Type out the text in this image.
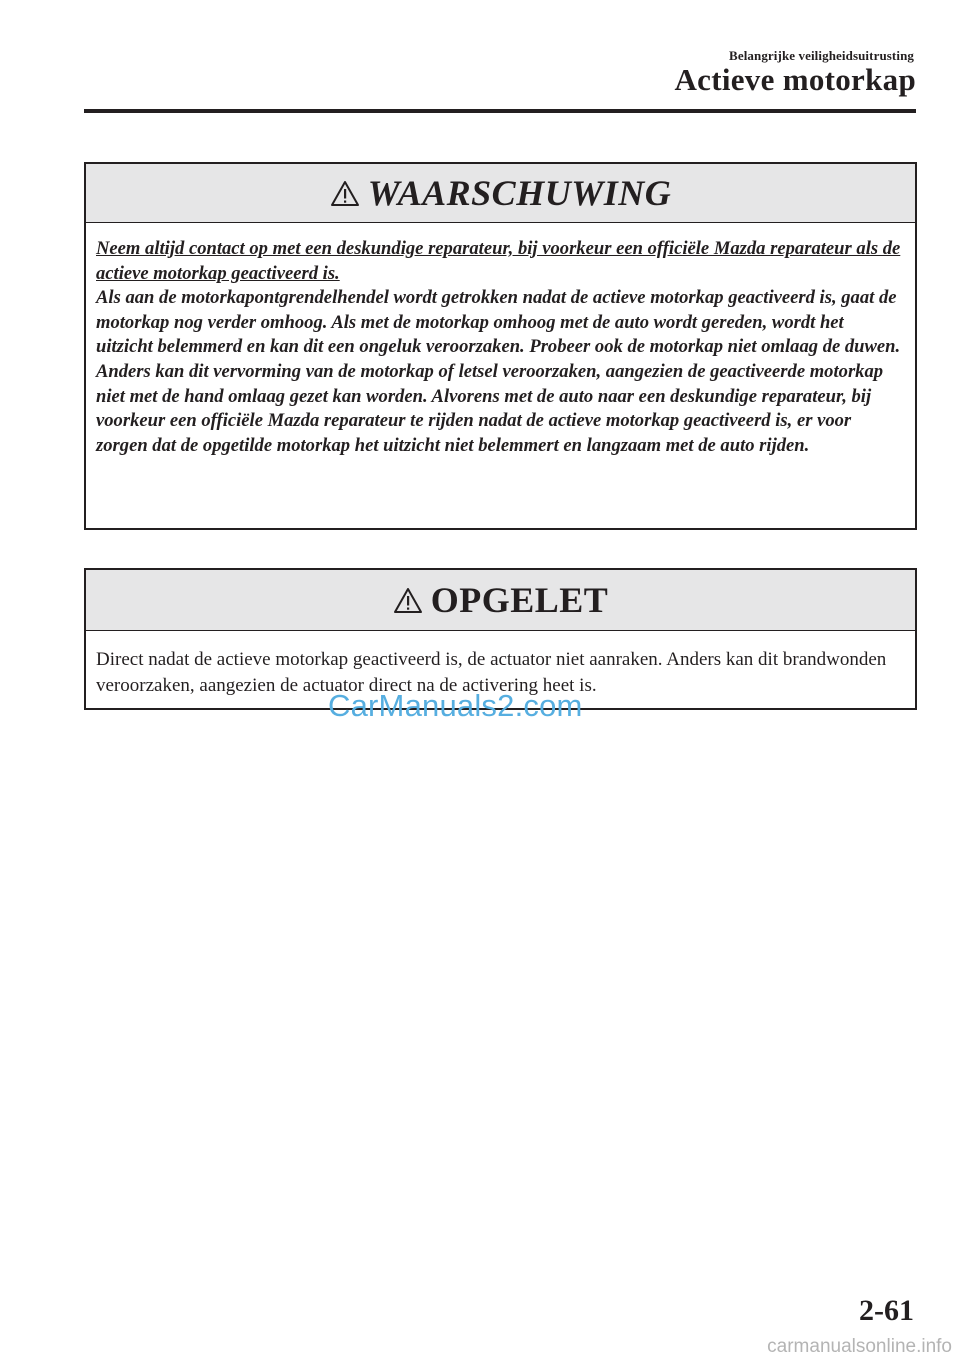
Belangrijke veiligheidsuitrusting
Actieve motorkap
WAARSCHUWING

Neem altijd contact op met een deskundige reparateur, bij voorkeur een officiële Mazda reparateur als de actieve motorkap geactiveerd is.
Als aan de motorkapontgrendelhendel wordt getrokken nadat de actieve motorkap geactiveerd is, gaat de motorkap nog verder omhoog. Als met de motorkap omhoog met de auto wordt gereden, wordt het uitzicht belemmerd en kan dit een ongeluk veroorzaken. Probeer ook de motorkap niet omlaag de duwen. Anders kan dit vervorming van de motorkap of letsel veroorzaken, aangezien de geactiveerde motorkap niet met de hand omlaag gezet kan worden. Alvorens met de auto naar een deskundige reparateur, bij voorkeur een officiële Mazda reparateur te rijden nadat de actieve motorkap geactiveerd is, er voor zorgen dat de opgetilde motorkap het uitzicht niet belemmert en langzaam met de auto rijden.

OPGELET

Direct nadat de actieve motorkap geactiveerd is, de actuator niet aanraken. Anders kan dit brandwonden veroorzaken, aangezien de actuator direct na de activering heet is.

CarManuals2.com
2-61
carmanualsonline.info
